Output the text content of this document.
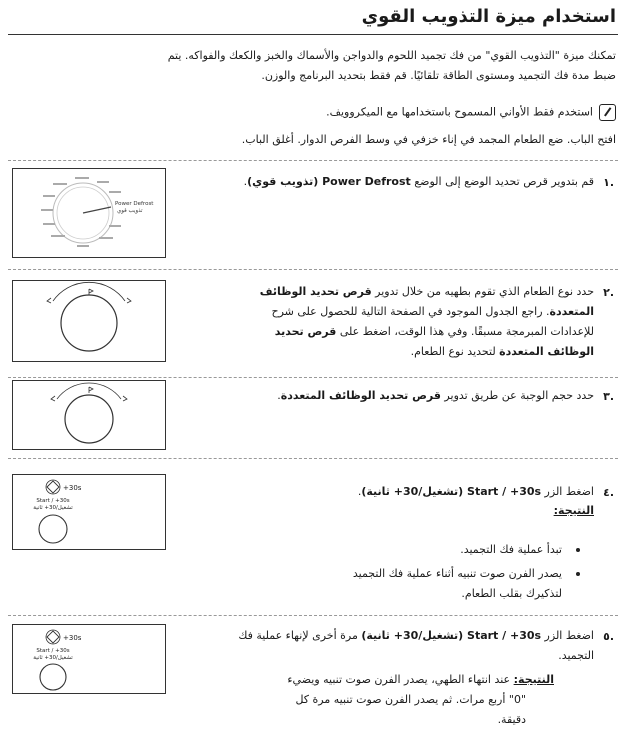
استخدام ميزة التذويب القوي
تمكنك ميزة "التذويب القوي" من فك تجميد اللحوم والدواجن والأسماك والخبز والكعك والفواكه. يتم
ضبط مدة فك التجميد ومستوى الطاقة تلقائيًا. قم فقط بتحديد البرنامج والوزن.
استخدم فقط الأواني المسموح باستخدامها مع الميكروويف.
افتح الباب. ضع الطعام المجمد في إناء خزفي في وسط الفرص الدوار. أغلق الباب.
١.
قم بتدوير قرص تحديد الوضع إلى الوضع Power Defrost (تذويب قوي).
Power Defrost
تذويب قوي
٢.
حدد نوع الطعام الذي تقوم بطهيه من خلال تدوير قرص تحديد الوظائف
المتعددة. راجع الجدول الموجود في الصفحة التالية للحصول على شرح
للإعدادات المبرمجة مسبقًا. وفي هذا الوقت، اضغط على قرص تحديد
الوظائف المتعددة لتحديد نوع الطعام.
٣.
حدد حجم الوجبة عن طريق تدوير قرص تحديد الوظائف المتعددة.
٤.
اضغط الزر Start / +30s (تشغيل/30+ ثانية).
النتيجة:
تبدأ عملية فك التجميد.
يصدر الفرن صوت تنبيه أثناء عملية فك التجميد
لتذكيرك بقلب الطعام.
+30s
Start / +30s
تشغيل/30+ ثانية
٥.
اضغط الزر Start / +30s (تشغيل/30+ ثانية) مرة أخرى لإنهاء عملية فك
التجميد.
النتيجة: عند انتهاء الطهي، يصدر الفرن صوت تنبيه ويضيء
"0" أربع مرات. ثم يصدر الفرن صوت تنبيه مرة كل
دقيقة.
+30s
Start / +30s
تشغيل/30+ ثانية
